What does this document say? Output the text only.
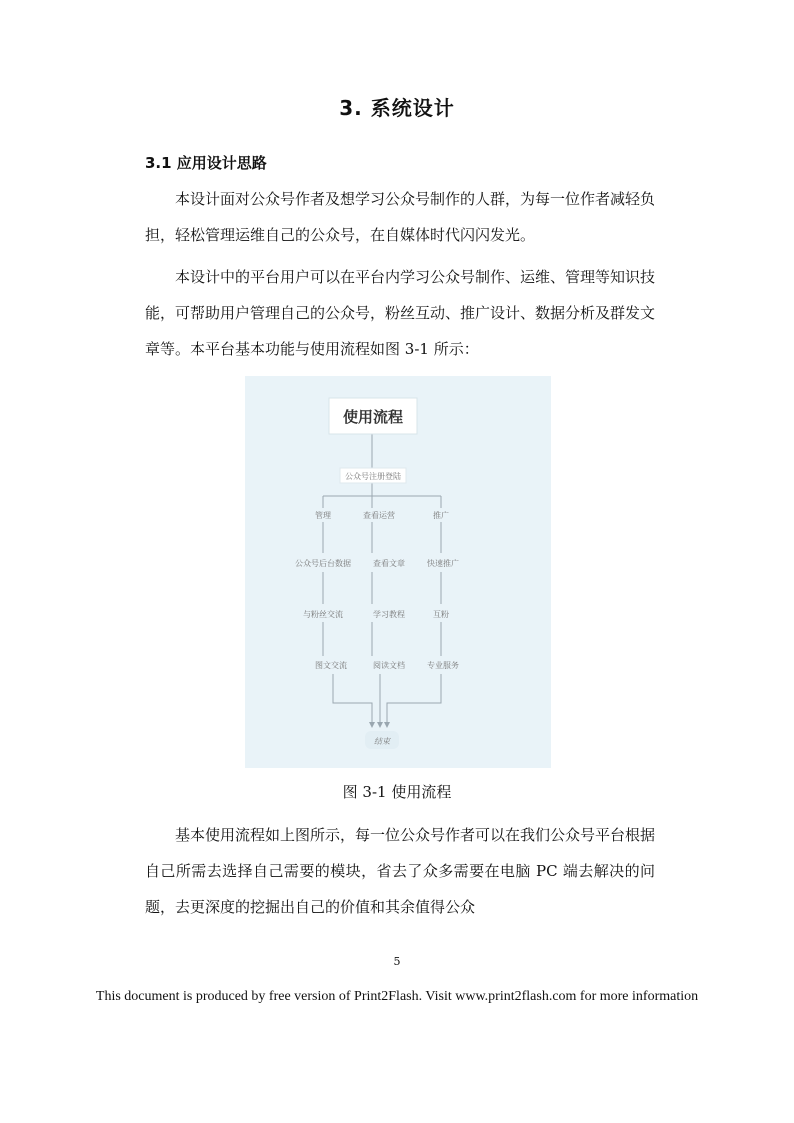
3. 系统设计
3.1 应用设计思路

本设计面对公众号作者及想学习公众号制作的人群，为每一位作者减轻负担，轻松管理运维自己的公众号，在自媒体时代闪闪发光。

本设计中的平台用户可以在平台内学习公众号制作、运维、管理等知识技能，可帮助用户管理自己的公众号，粉丝互动、推广设计、数据分析及群发文章等。本平台基本功能与使用流程如图 3-1 所示：

使用流程
公众号注册登陆
管理
公众号后台数据
与粉丝交流
图文交流
查看运营
查看文章
学习教程
阅读文档
推广
快速推广
互粉
专业服务
结束
图 3-1 使用流程

基本使用流程如上图所示，每一位公众号作者可以在我们公众号平台根据自己所需去选择自己需要的模块，省去了众多需要在电脑 PC 端去解决的问题，去更深度的挖掘出自己的价值和其余值得公众

5
This document is produced by free version of Print2Flash. Visit www.print2flash.com for more information
